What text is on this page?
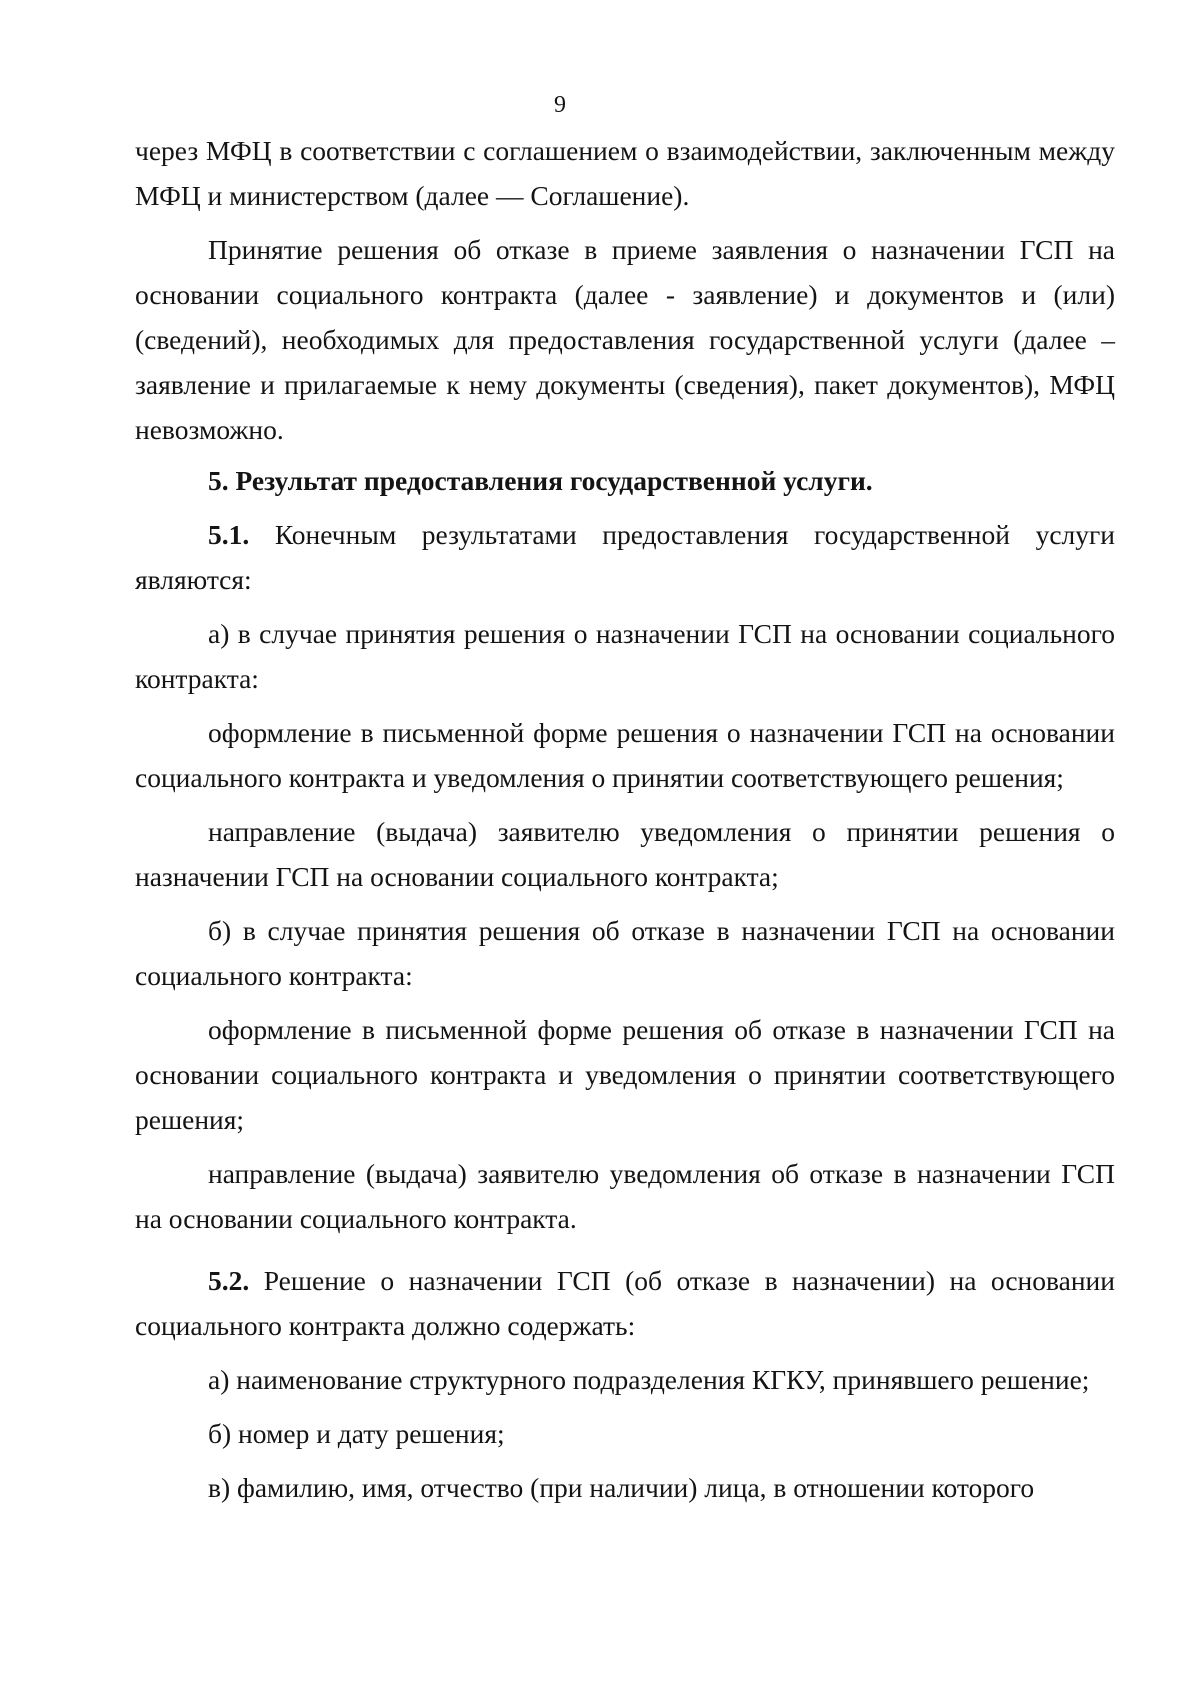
9

через МФЦ в соответствии с соглашением о взаимодействии, заключенным между МФЦ и министерством (далее — Соглашение).

Принятие решения об отказе в приеме заявления о назначении ГСП на основании социального контракта (далее - заявление) и документов и (или) (сведений), необходимых для предоставления государственной услуги (далее – заявление и прилагаемые к нему документы (сведения), пакет документов), МФЦ невозможно.

5. Результат предоставления государственной услуги.

5.1. Конечным результатами предоставления государственной услуги являются:

а) в случае принятия решения о назначении ГСП на основании социального контракта:

оформление в письменной форме решения о назначении ГСП на основании социального контракта и уведомления о принятии соответствующего решения;

направление (выдача) заявителю уведомления о принятии решения о назначении ГСП на основании социального контракта;

б) в случае принятия решения об отказе в назначении ГСП на основании социального контракта:

оформление в письменной форме решения об отказе в назначении ГСП на основании социального контракта и уведомления о принятии соответствующего решения;

направление (выдача) заявителю уведомления об отказе в назначении ГСП на основании социального контракта.

5.2. Решение о назначении ГСП (об отказе в назначении) на основании социального контракта должно содержать:

а) наименование структурного подразделения КГКУ, принявшего решение;

б) номер и дату решения;

в) фамилию, имя, отчество (при наличии) лица, в отношении которого
